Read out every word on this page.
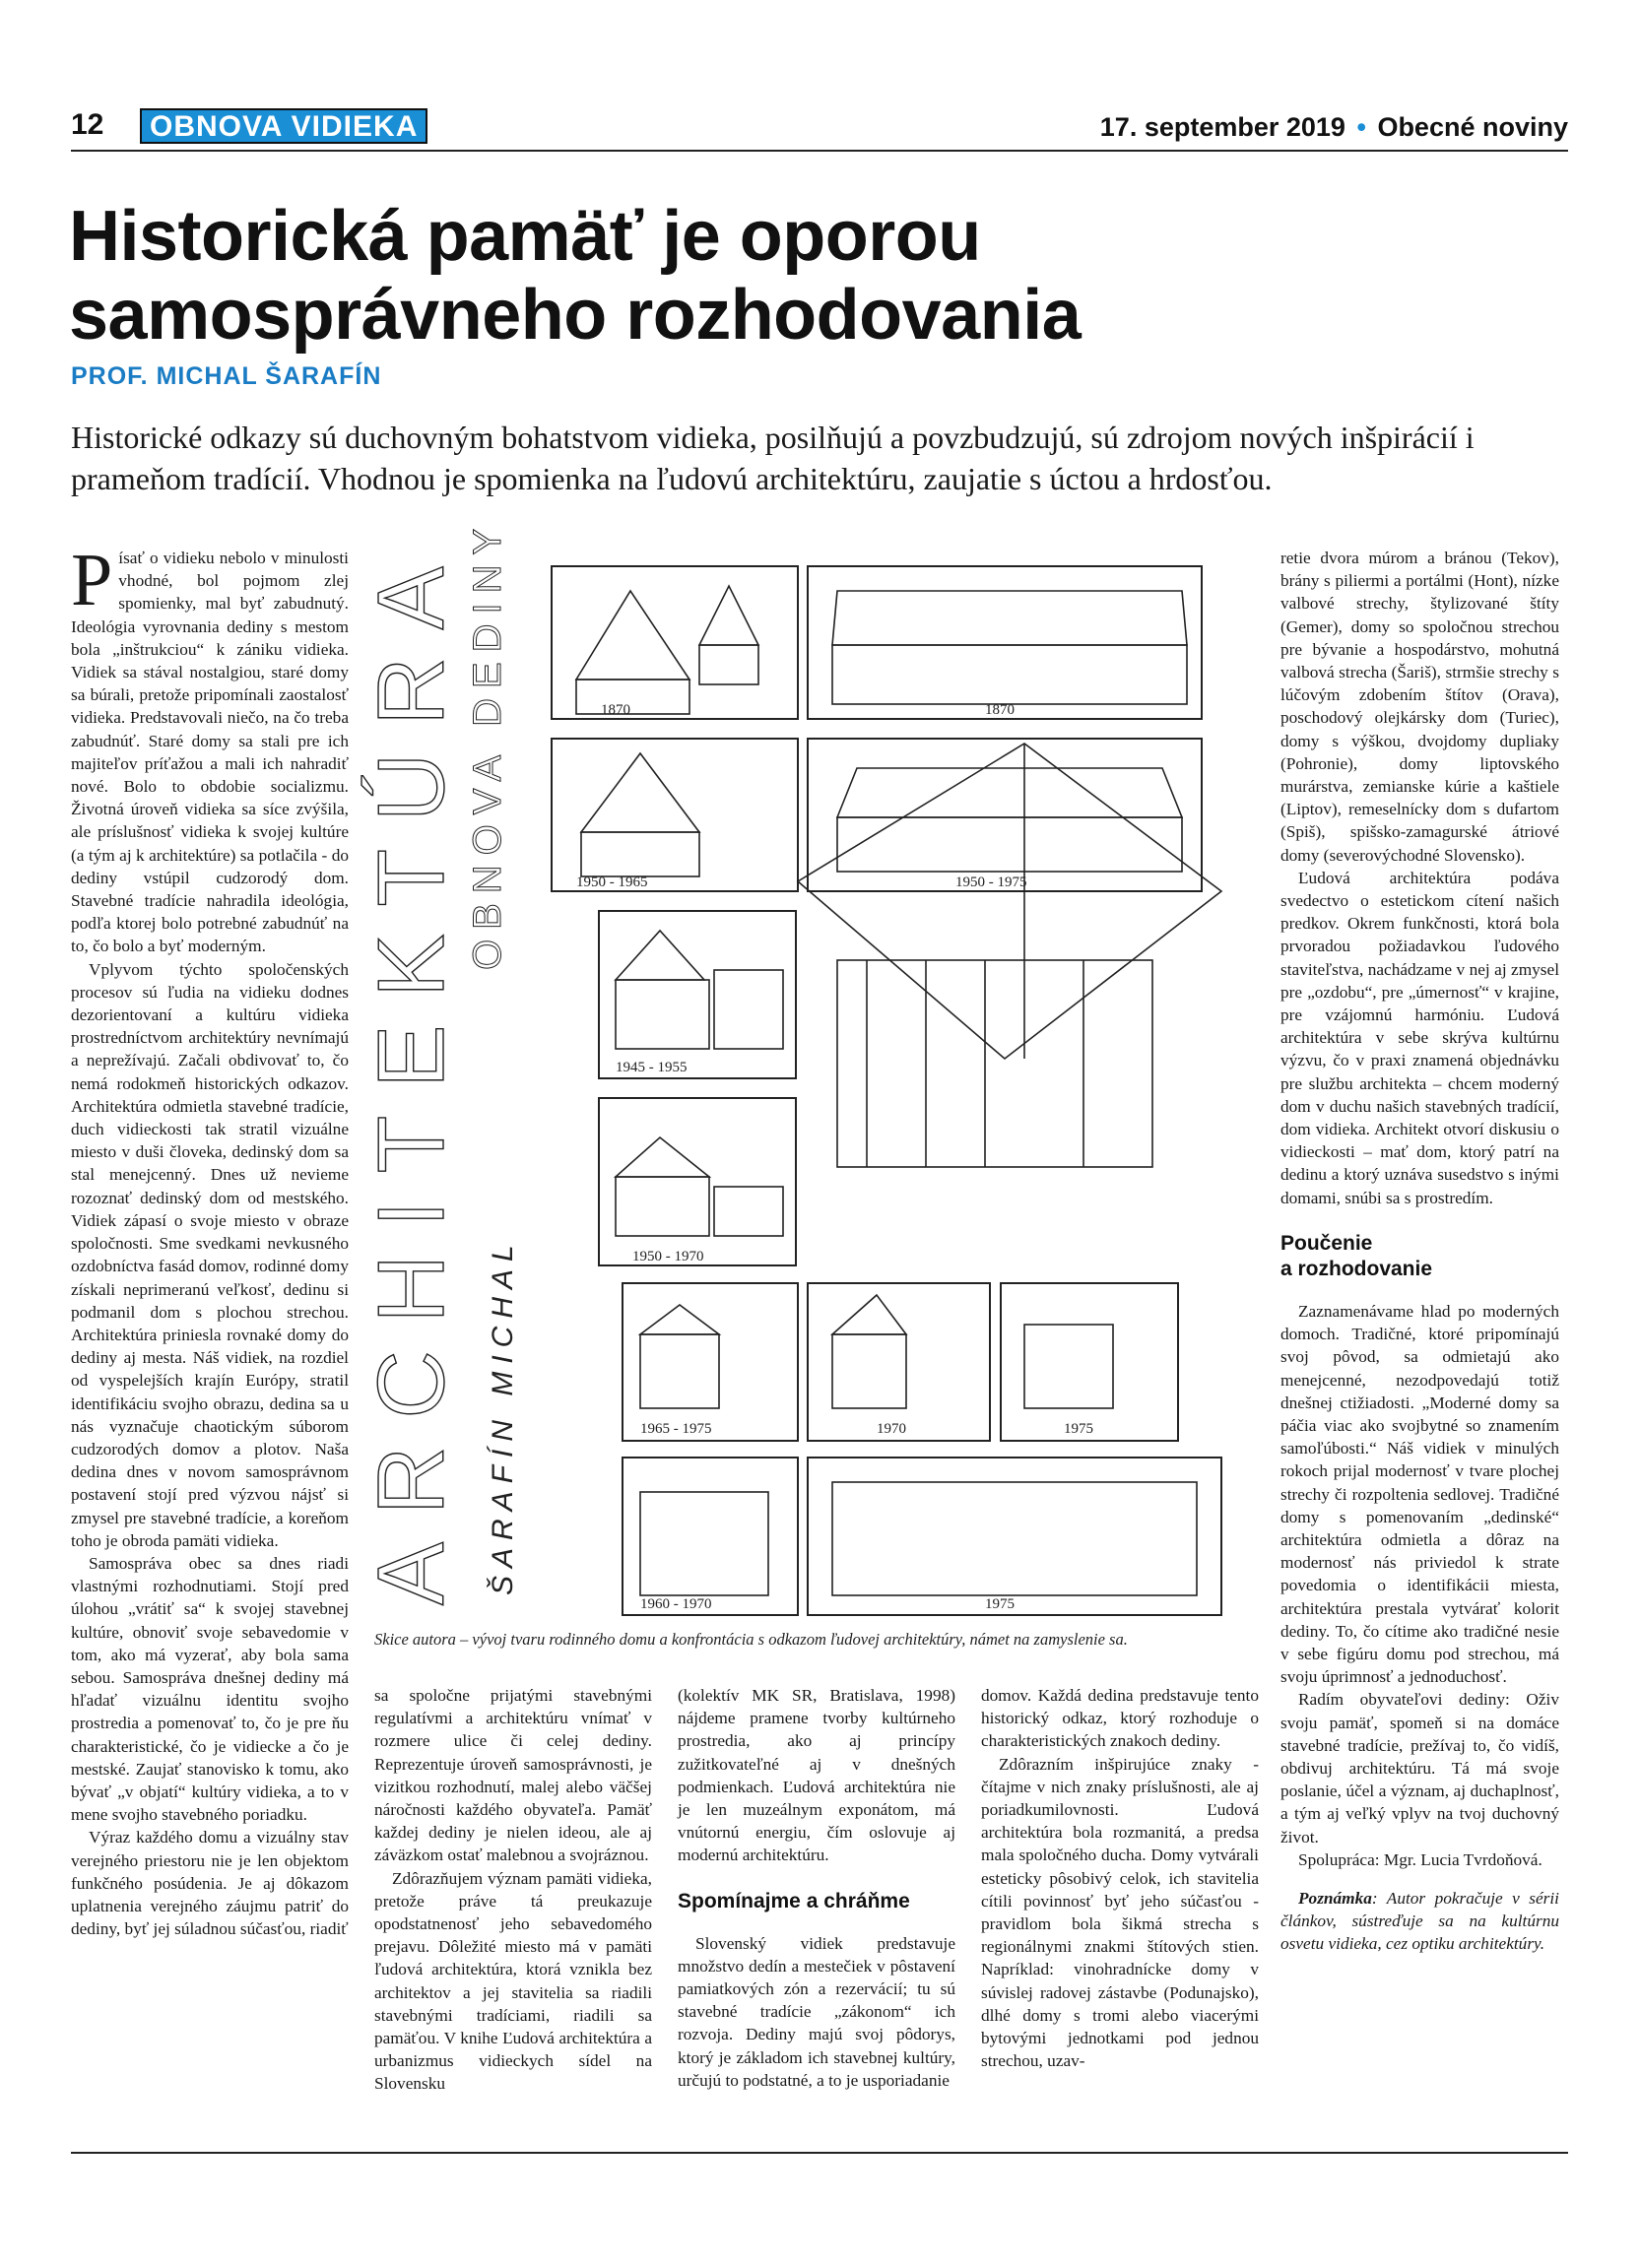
12	OBNOVA VIDIEKA	17. september 2019 • Obecné noviny
Historická pamäť je oporou
samosprávneho rozhodovania
PROF. MICHAL ŠARAFÍN

Historické odkazy sú duchovným bohatstvom vidieka, posilňujú a povzbudzujú, sú zdrojom nových inšpirácií i prameňom tradícií. Vhodnou je spomienka na ľudovú architektúru, zaujatie s úctou a hrdosťou.

Písať o vidieku nebolo v minulosti vhodné, bol pojmom zlej spomienky, mal byť zabudnutý. Ideológia vyrovnania dediny s mestom bola „inštrukciou“ k zániku vidieka. Vidiek sa stával nostalgiou, staré domy sa búrali, pretože pripomínali zaostalosť vidieka. Predstavovali niečo, na čo treba zabudnúť. Staré domy sa stali pre ich majiteľov príťažou a mali ich nahradiť nové. Bolo to obdobie socializmu. Životná úroveň vidieka sa síce zvýšila, ale príslušnosť vidieka k svojej kultúre (a tým aj k architektúre) sa potlačila - do dediny vstúpil cudzorodý dom. Stavebné tradície nahradila ideológia, podľa ktorej bolo potrebné zabudnúť na to, čo bolo a byť moderným.

Vplyvom týchto spoločenských procesov sú ľudia na vidieku dodnes dezorientovaní a kultúru vidieka prostredníctvom architektúry nevnímajú a neprežívajú. Začali obdivovať to, čo nemá rodokmeň historických odkazov. Architektúra odmietla stavebné tradície, duch vidieckosti tak stratil vizuálne miesto v duši človeka, dedinský dom sa stal menejcenný. Dnes už nevieme rozoznať dedinský dom od mestského. Vidiek zápasí o svoje miesto v obraze spoločnosti. Sme svedkami nevkusného ozdobníctva fasád domov, rodinné domy získali neprimeranú veľkosť, dedinu si podmanil dom s plochou strechou. Architektúra priniesla rovnaké domy do dediny aj mesta. Náš vidiek, na rozdiel od vyspelejších krajín Európy, stratil identifikáciu svojho obrazu, dedina sa u nás vyznačuje chaotickým súborom cudzorodých domov a plotov. Naša dedina dnes v novom samosprávnom postavení stojí pred výzvou nájsť si zmysel pre stavebné tradície, a koreňom toho je obroda pamäti vidieka.

Samospráva obec sa dnes riadi vlastnými rozhodnutiami. Stojí pred úlohou „vrátiť sa“ k svojej stavebnej kultúre, obnoviť svoje sebavedomie v tom, ako má vyzerať, aby bola sama sebou. Samospráva dnešnej dediny má hľadať vizuálnu identitu svojho prostredia a pomenovať to, čo je pre ňu charakteristické, čo je vidiecke a čo je mestské. Zaujať stanovisko k tomu, ako bývať „v objatí“ kultúry vidieka, a to v mene svojho stavebného poriadku.

Výraz každého domu a vizuálny stav verejného priestoru nie je len objektom funkčného posúdenia. Je aj dôkazom uplatnenia verejného záujmu patriť do dediny, byť jej súladnou súčasťou, riadiť

ARCHITEKTÚRA OBNOVA DEDINY
ŠARAFÍN MICHAL
1870	1870
1950 - 1965	1950 - 1975
1945 - 1955
1950 - 1970
1965 - 1975	1970	1975
1960 - 1970	1975
Skice autora – vývoj tvaru rodinného domu a konfrontácia s odkazom ľudovej architektúry, námet na zamyslenie sa.

sa spoločne prijatými stavebnými regulatívmi a architektúru vnímať v rozmere ulice či celej dediny. Reprezentuje úroveň samosprávnosti, je vizitkou rozhodnutí, malej alebo väčšej náročnosti každého obyvateľa. Pamäť každej dediny je nielen ideou, ale aj záväzkom ostať malebnou a svojráznou.

Zdôrazňujem význam pamäti vidieka, pretože práve tá preukazuje opodstatnenosť jeho sebavedomého prejavu. Dôležité miesto má v pamäti ľudová architektúra, ktorá vznikla bez architektov a jej stavitelia sa riadili stavebnými tradíciami, riadili sa pamäťou. V knihe Ľudová architektúra a urbanizmus vidieckych sídel na Slovensku

(kolektív MK SR, Bratislava, 1998) nájdeme pramene tvorby kultúrneho prostredia, ako aj princípy zužitkovateľné aj v dnešných podmienkach. Ľudová architektúra nie je len muzeálnym exponátom, má vnútornú energiu, čím oslovuje aj modernú architektúru.

Spomínajme a chráňme

Slovenský vidiek predstavuje množstvo dedín a mestečiek v pôstavení pamiatkových zón a rezervácií; tu sú stavebné tradície „zákonom“ ich rozvoja. Dediny majú svoj pôdorys, ktorý je základom ich stavebnej kultúry, určujú to podstatné, a to je usporiadanie

domov. Každá dedina predstavuje tento historický odkaz, ktorý rozhoduje o charakteristických znakoch dediny.

Zdôrazním inšpirujúce znaky - čítajme v nich znaky príslušnosti, ale aj poriadkumilovnosti. Ľudová architektúra bola rozmanitá, a predsa mala spoločného ducha. Domy vytvárali esteticky pôsobivý celok, ich stavitelia cítili povinnosť byť jeho súčasťou - pravidlom bola šikmá strecha s regionálnymi znakmi štítových stien. Napríklad: vinohradnícke domy v súvislej radovej zástavbe (Podunajsko), dlhé domy s tromi alebo viacerými bytovými jednotkami pod jednou strechou, uzav-

retie dvora múrom a bránou (Tekov), brány s piliermi a portálmi (Hont), nízke valbové strechy, štylizované štíty (Gemer), domy so spoločnou strechou pre bývanie a hospodárstvo, mohutná valbová strecha (Šariš), strmšie strechy s lúčovým zdobením štítov (Orava), poschodový olejkársky dom (Turiec), domy s výškou, dvojdomy dupliaky (Pohronie), domy liptovského murárstva, zemianske kúrie a kaštiele (Liptov), remeselnícky dom s dufartom (Spiš), spišsko-zamagurské átriové domy (severovýchodné Slovensko).

Ľudová architektúra podáva svedectvo o estetickom cítení našich predkov. Okrem funkčnosti, ktorá bola prvoradou požiadavkou ľudového staviteľstva, nachádzame v nej aj zmysel pre „ozdobu“, pre „úmernosť“ v krajine, pre vzájomnú harmóniu. Ľudová architektúra v sebe skrýva kultúrnu výzvu, čo v praxi znamená objednávku pre službu architekta – chcem moderný dom v duchu našich stavebných tradícií, dom vidieka. Architekt otvorí diskusiu o vidieckosti – mať dom, ktorý patrí na dedinu a ktorý uznáva susedstvo s inými domami, snúbi sa s prostredím.

Poučenie
a rozhodovanie

Zaznamenávame hlad po moderných domoch. Tradičné, ktoré pripomínajú svoj pôvod, sa odmietajú ako menejcenné, nezodpovedajú totiž dnešnej ctižiadosti. „Moderné domy sa páčia viac ako svojbytné so znamením samoľúbosti.“ Náš vidiek v minulých rokoch prijal modernosť v tvare plochej strechy či rozpoltenia sedlovej. Tradičné domy s pomenovaním „dedinské“ architektúra odmietla a dôraz na modernosť nás priviedol k strate povedomia o identifikácii miesta, architektúra prestala vytvárať kolorit dediny. To, čo cítime ako tradičné nesie v sebe figúru domu pod strechou, má svoju úprimnosť a jednoduchosť.

Radím obyvateľovi dediny: Oživ svoju pamäť, spomeň si na domáce stavebné tradície, prežívaj to, čo vidíš, obdivuj architektúru. Tá má svoje poslanie, účel a význam, aj duchaplnosť, a tým aj veľký vplyv na tvoj duchovný život.

Spolupráca: Mgr. Lucia Tvrdoňová.

Poznámka: Autor pokračuje v sérii článkov, sústreďuje sa na kultúrnu osvetu vidieka, cez optiku architektúry.
